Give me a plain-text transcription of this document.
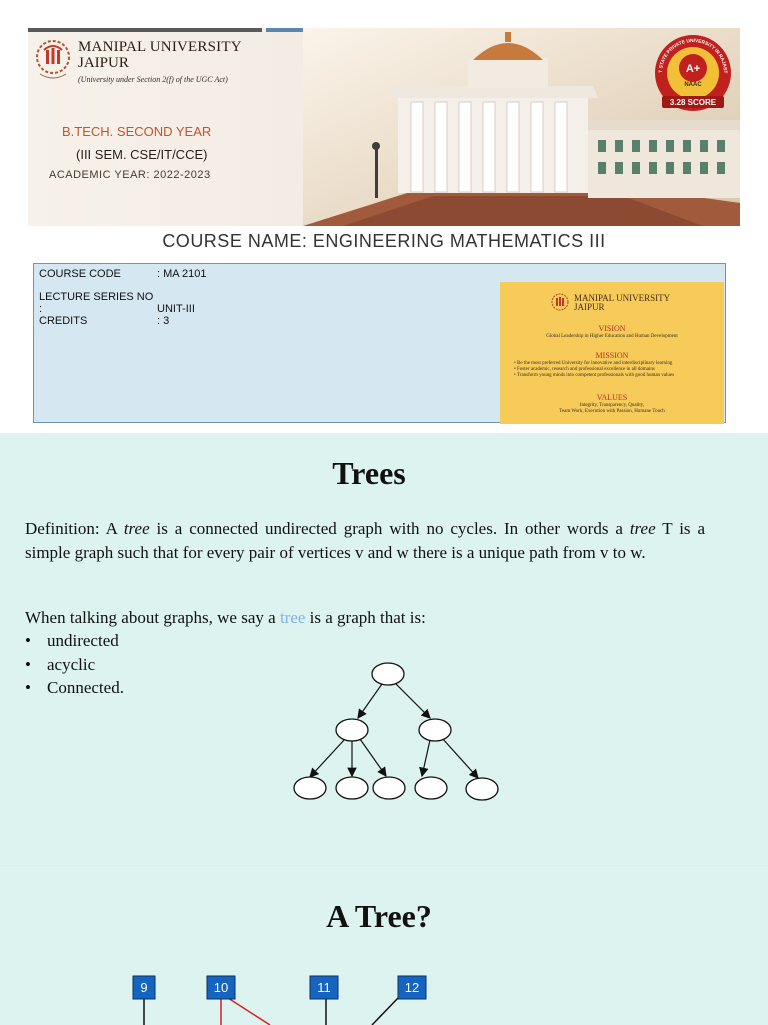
MANIPAL UNIVERSITY
JAIPUR
(University under Section 2(f) of the UGC Act)
B.TECH. SECOND YEAR
(III SEM. CSE/IT/CCE)
ACADEMIC YEAR: 2022-2023
A+
NAAC
3.28 SCORE
T STATE PRIVATE UNIVERSITY IN RAJAST
COURSE NAME: ENGINEERING MATHEMATICS III
COURSE CODE	: MA 2101
LECTURE SERIES NO :	UNIT-III
CREDITS	: 3
MANIPAL UNIVERSITY
JAIPUR
VISION
Global Leadership in Higher Education and Human Development
MISSION
• Be the most preferred University for innovative and interdisciplinary learning
• Foster academic, research and professional excellence in all domains
• Transform young minds into competent professionals with good human values
VALUES
Integrity, Transparency, Quality,
Team Work, Execution with Passion, Humane Touch
Trees
Definition: A tree is a connected undirected graph with no cycles. In other words a tree T is a simple graph such that for every pair of vertices v and w there is a unique path from v to w.
When talking about graphs, we say a tree is a graph that is:
• undirected
• acyclic
• Connected.
A Tree?
9	10	11	12
